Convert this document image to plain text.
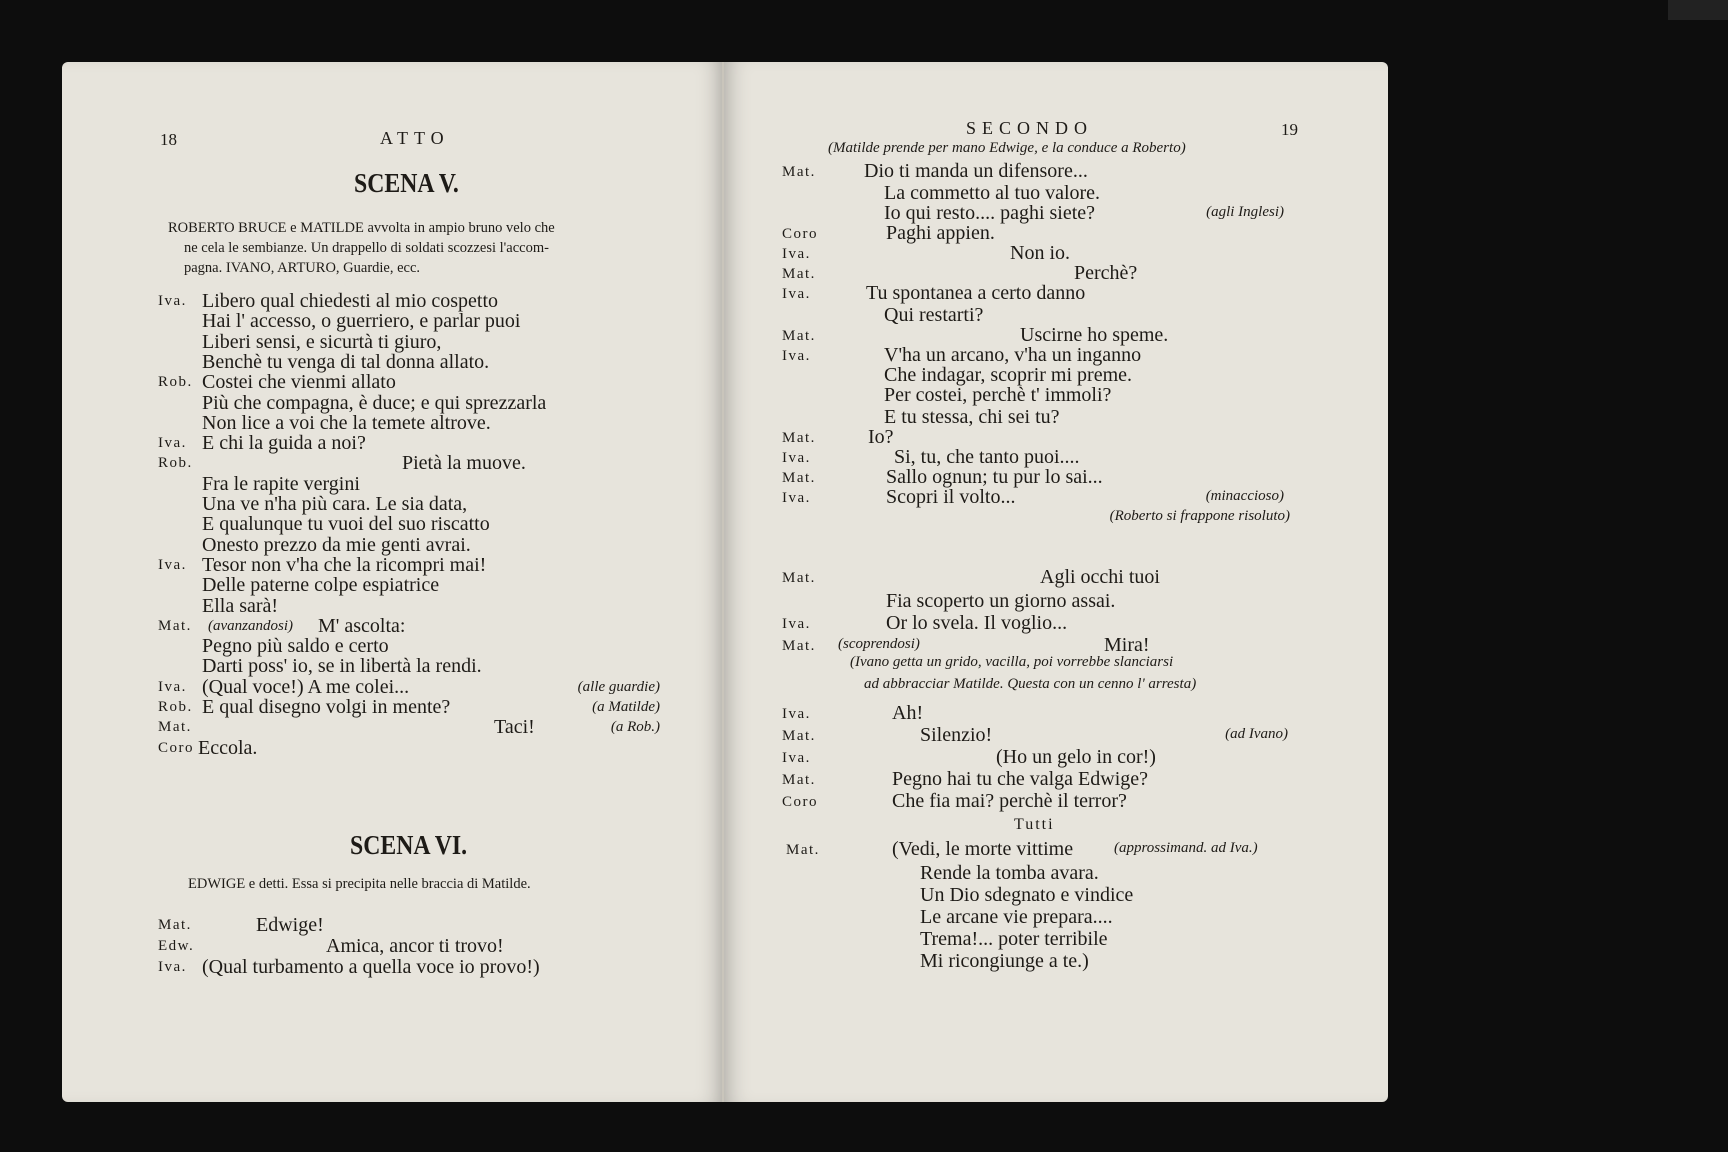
18	ATTO
SCENA V.
ROBERTO BRUCE e MATILDE avvolta in ampio bruno velo che
ne cela le sembianze. Un drappello di soldati scozzesi l'accom-
pagna. IVANO, ARTURO, Guardie, ecc.
Iva. Libero qual chiedesti al mio cospetto
Hai l' accesso, o guerriero, e parlar puoi
Liberi sensi, e sicurtà ti giuro,
Benchè tu venga di tal donna allato.
Rob. Costei che vienmi allato
Più che compagna, è duce; e qui sprezzarla
Non lice a voi che la temete altrove.
Iva. E chi la guida a noi?
Rob.	Pietà la muove.
Fra le rapite vergini
Una ve n'ha più cara. Le sia data,
E qualunque tu vuoi del suo riscatto
Onesto prezzo da mie genti avrai.
Iva. Tesor non v'ha che la ricompri mai!
Delle paterne colpe espiatrice
Ella sarà!
Mat. (avanzandosi) M' ascolta:
Pegno più saldo e certo
Darti poss' io, se in libertà la rendi.
Iva.	(alle guardie)
(Qual voce!) A me colei...
Rob.	(a Matilde)
E qual disegno volgi in mente?
Mat.	(a Rob.)
Taci!
Coro Eccola.
SCENA VI.
EDWIGE e detti. Essa si precipita nelle braccia di Matilde.
Mat.	Edwige!
Edw.	Amica, ancor ti trovo!
Iva. (Qual turbamento a quella voce io provo!)
SECONDO	19
(Matilde prende per mano Edwige, e la conduce a Roberto)
Mat. Dio ti manda un difensore...
La commetto al tuo valore.
Io qui resto.... paghi siete?	(agli Inglesi)
Coro	Paghi appien.
Iva.	Non io.
Mat.	Perchè?
Iva.	Tu spontanea a certo danno
Qui restarti?
Mat.	Uscirne ho speme.
Iva.	V'ha un arcano, v'ha un inganno
Che indagar, scoprir mi preme.
Per costei, perchè t' immoli?
E tu stessa, chi sei tu?
Mat.	Io?
Iva.	Si, tu, che tanto puoi....
Mat.	Sallo ognun; tu pur lo sai...
Iva.	Scopri il volto...	(minaccioso)
(Roberto si frappone risoluto)
Mat.	Agli occhi tuoi
Fia scoperto un giorno assai.
Iva.	Or lo svela. Il voglio...
Mat.	Mira!
(scoprendosi)
(Ivano getta un grido, vacilla, poi vorrebbe slanciarsi
ad abbracciar Matilde. Questa con un cenno l' arresta)
Iva.	Ah!
Mat.	Silenzio!	(ad Ivano)
Iva.	(Ho un gelo in cor!)
Mat.	Pegno hai tu che valga Edwige?
Coro	Che fia mai? perchè il terror?
Tutti
Mat.	(Vedi, le morte vittime	(approssimand. ad Iva.)
Rende la tomba avara.
Un Dio sdegnato e vindice
Le arcane vie prepara....
Trema!... poter terribile
Mi ricongiunge a te.)
